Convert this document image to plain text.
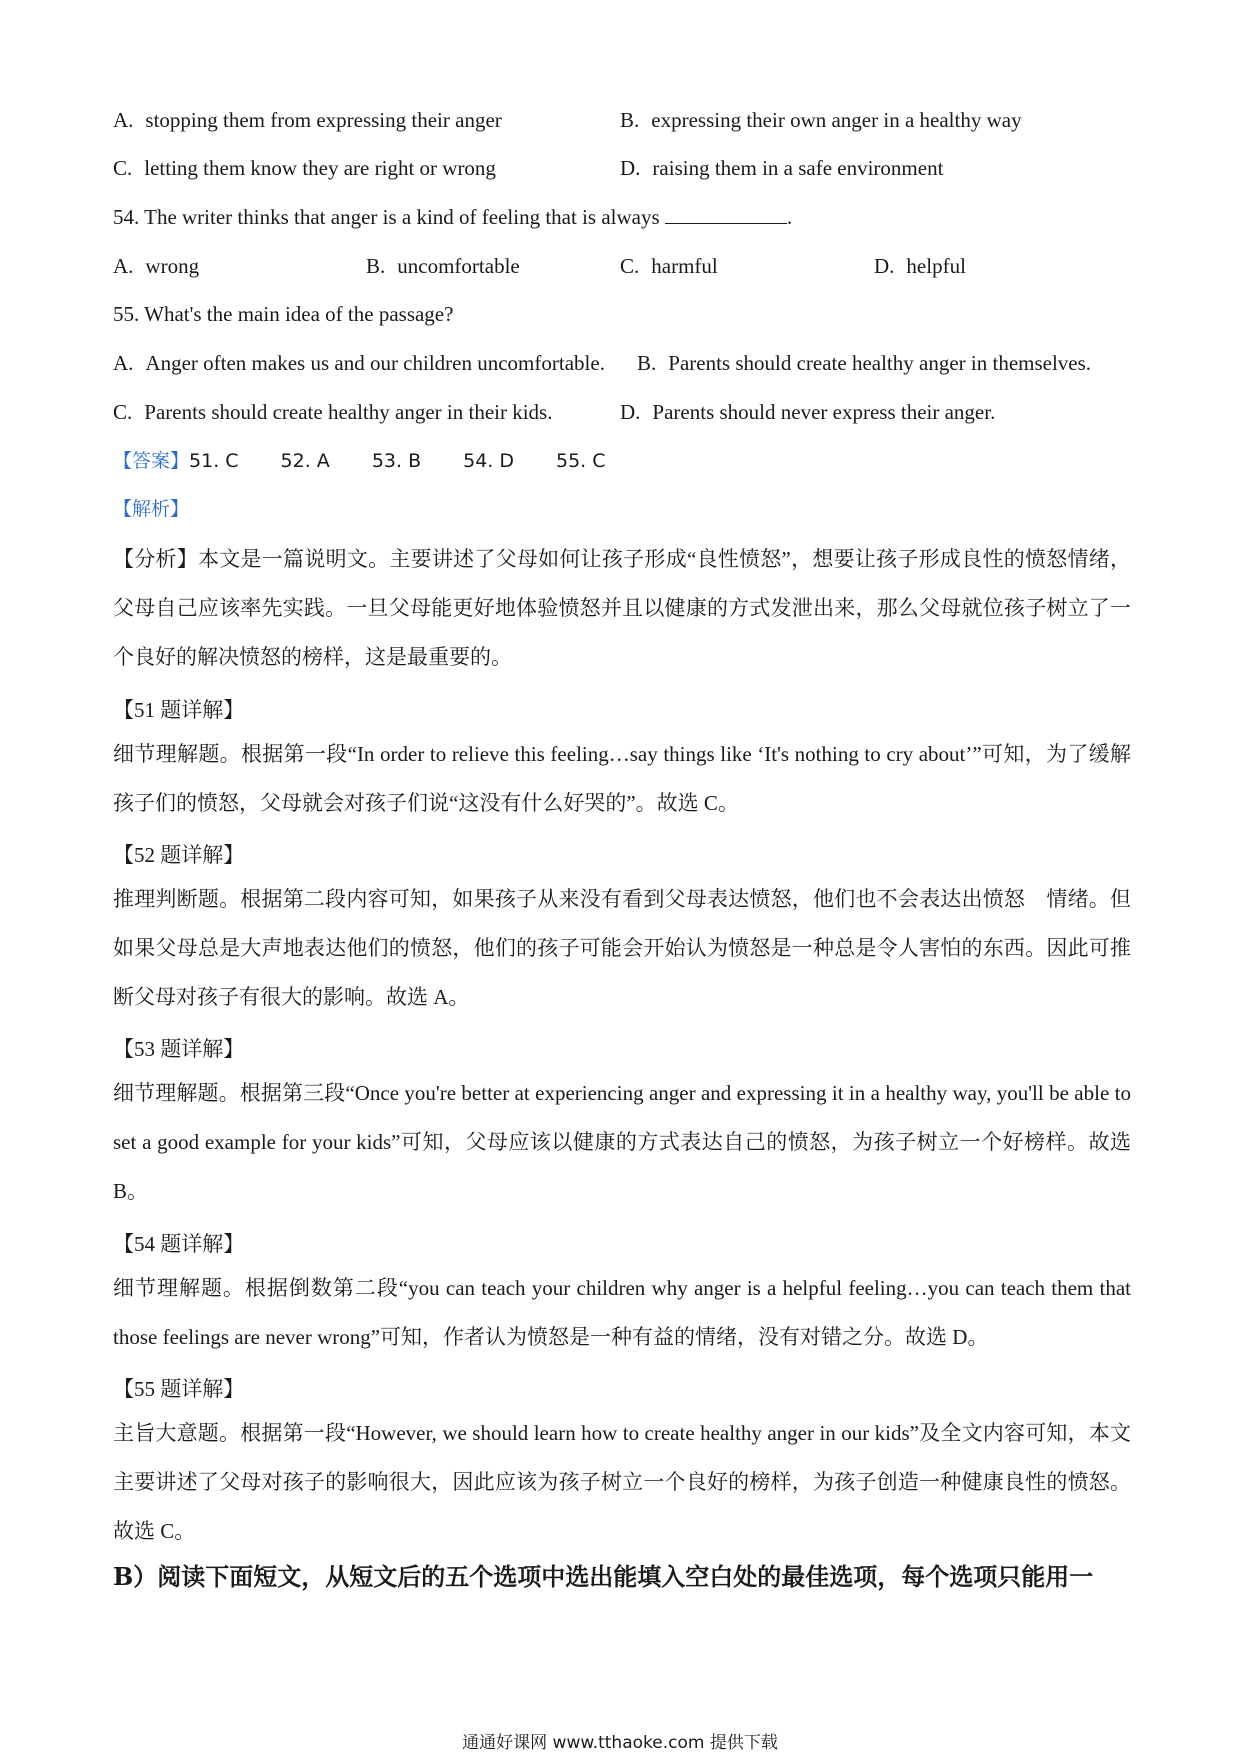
A. stopping them from expressing their anger	B. expressing their own anger in a healthy way
C. letting them know they are right or wrong	D. raising them in a safe environment
54. The writer thinks that anger is a kind of feeling that is always	.
A. wrong	B. uncomfortable	C. harmful	D. helpful
55. What's the main idea of the passage?
A. Anger often makes us and our children uncomfortable. B. Parents should create healthy anger in themselves.
C. Parents should create healthy anger in their kids.	D. Parents should never express their anger.
【答案】51. C 52. A 53. B 54. D 55. C
【解析】
【分析】本文是一篇说明文。主要讲述了父母如何让孩子形成“良性愤怒”，想要让孩子形成良性的愤怒情绪，父母自己应该率先实践。一旦父母能更好地体验愤怒并且以健康的方式发泄出来，那么父母就位孩子树立了一个良好的解决愤怒的榜样，这是最重要的。
【51 题详解】
细节理解题。根据第一段“In order to relieve this feeling…say things like ‘It's nothing to cry about’”可知，为了缓解孩子们的愤怒，父母就会对孩子们说“这没有什么好哭的”。故选 C。
【52 题详解】
推理判断题。根据第二段内容可知，如果孩子从来没有看到父母表达愤怒，他们也不会表达出愤怒　情绪。但如果父母总是大声地表达他们的愤怒，他们的孩子可能会开始认为愤怒是一种总是令人害怕的东西。因此可推断父母对孩子有很大的影响。故选 A。
【53 题详解】
细节理解题。根据第三段“Once you're better at experiencing anger and expressing it in a healthy way, you'll be able to set a good example for your kids”可知，父母应该以健康的方式表达自己的愤怒，为孩子树立一个好榜样。故选 B。
【54 题详解】
细节理解题。根据倒数第二段“you can teach your children why anger is a helpful feeling…you can teach them that those feelings are never wrong”可知，作者认为愤怒是一种有益的情绪，没有对错之分。故选 D。
【55 题详解】
主旨大意题。根据第一段“However, we should learn how to create healthy anger in our kids”及全文内容可知，本文主要讲述了父母对孩子的影响很大，因此应该为孩子树立一个良好的榜样，为孩子创造一种健康良性的愤怒。故选 C。
B）阅读下面短文，从短文后的五个选项中选出能填入空白处的最佳选项，每个选项只能用一
通通好课网 www.tthaoke.com 提供下载
